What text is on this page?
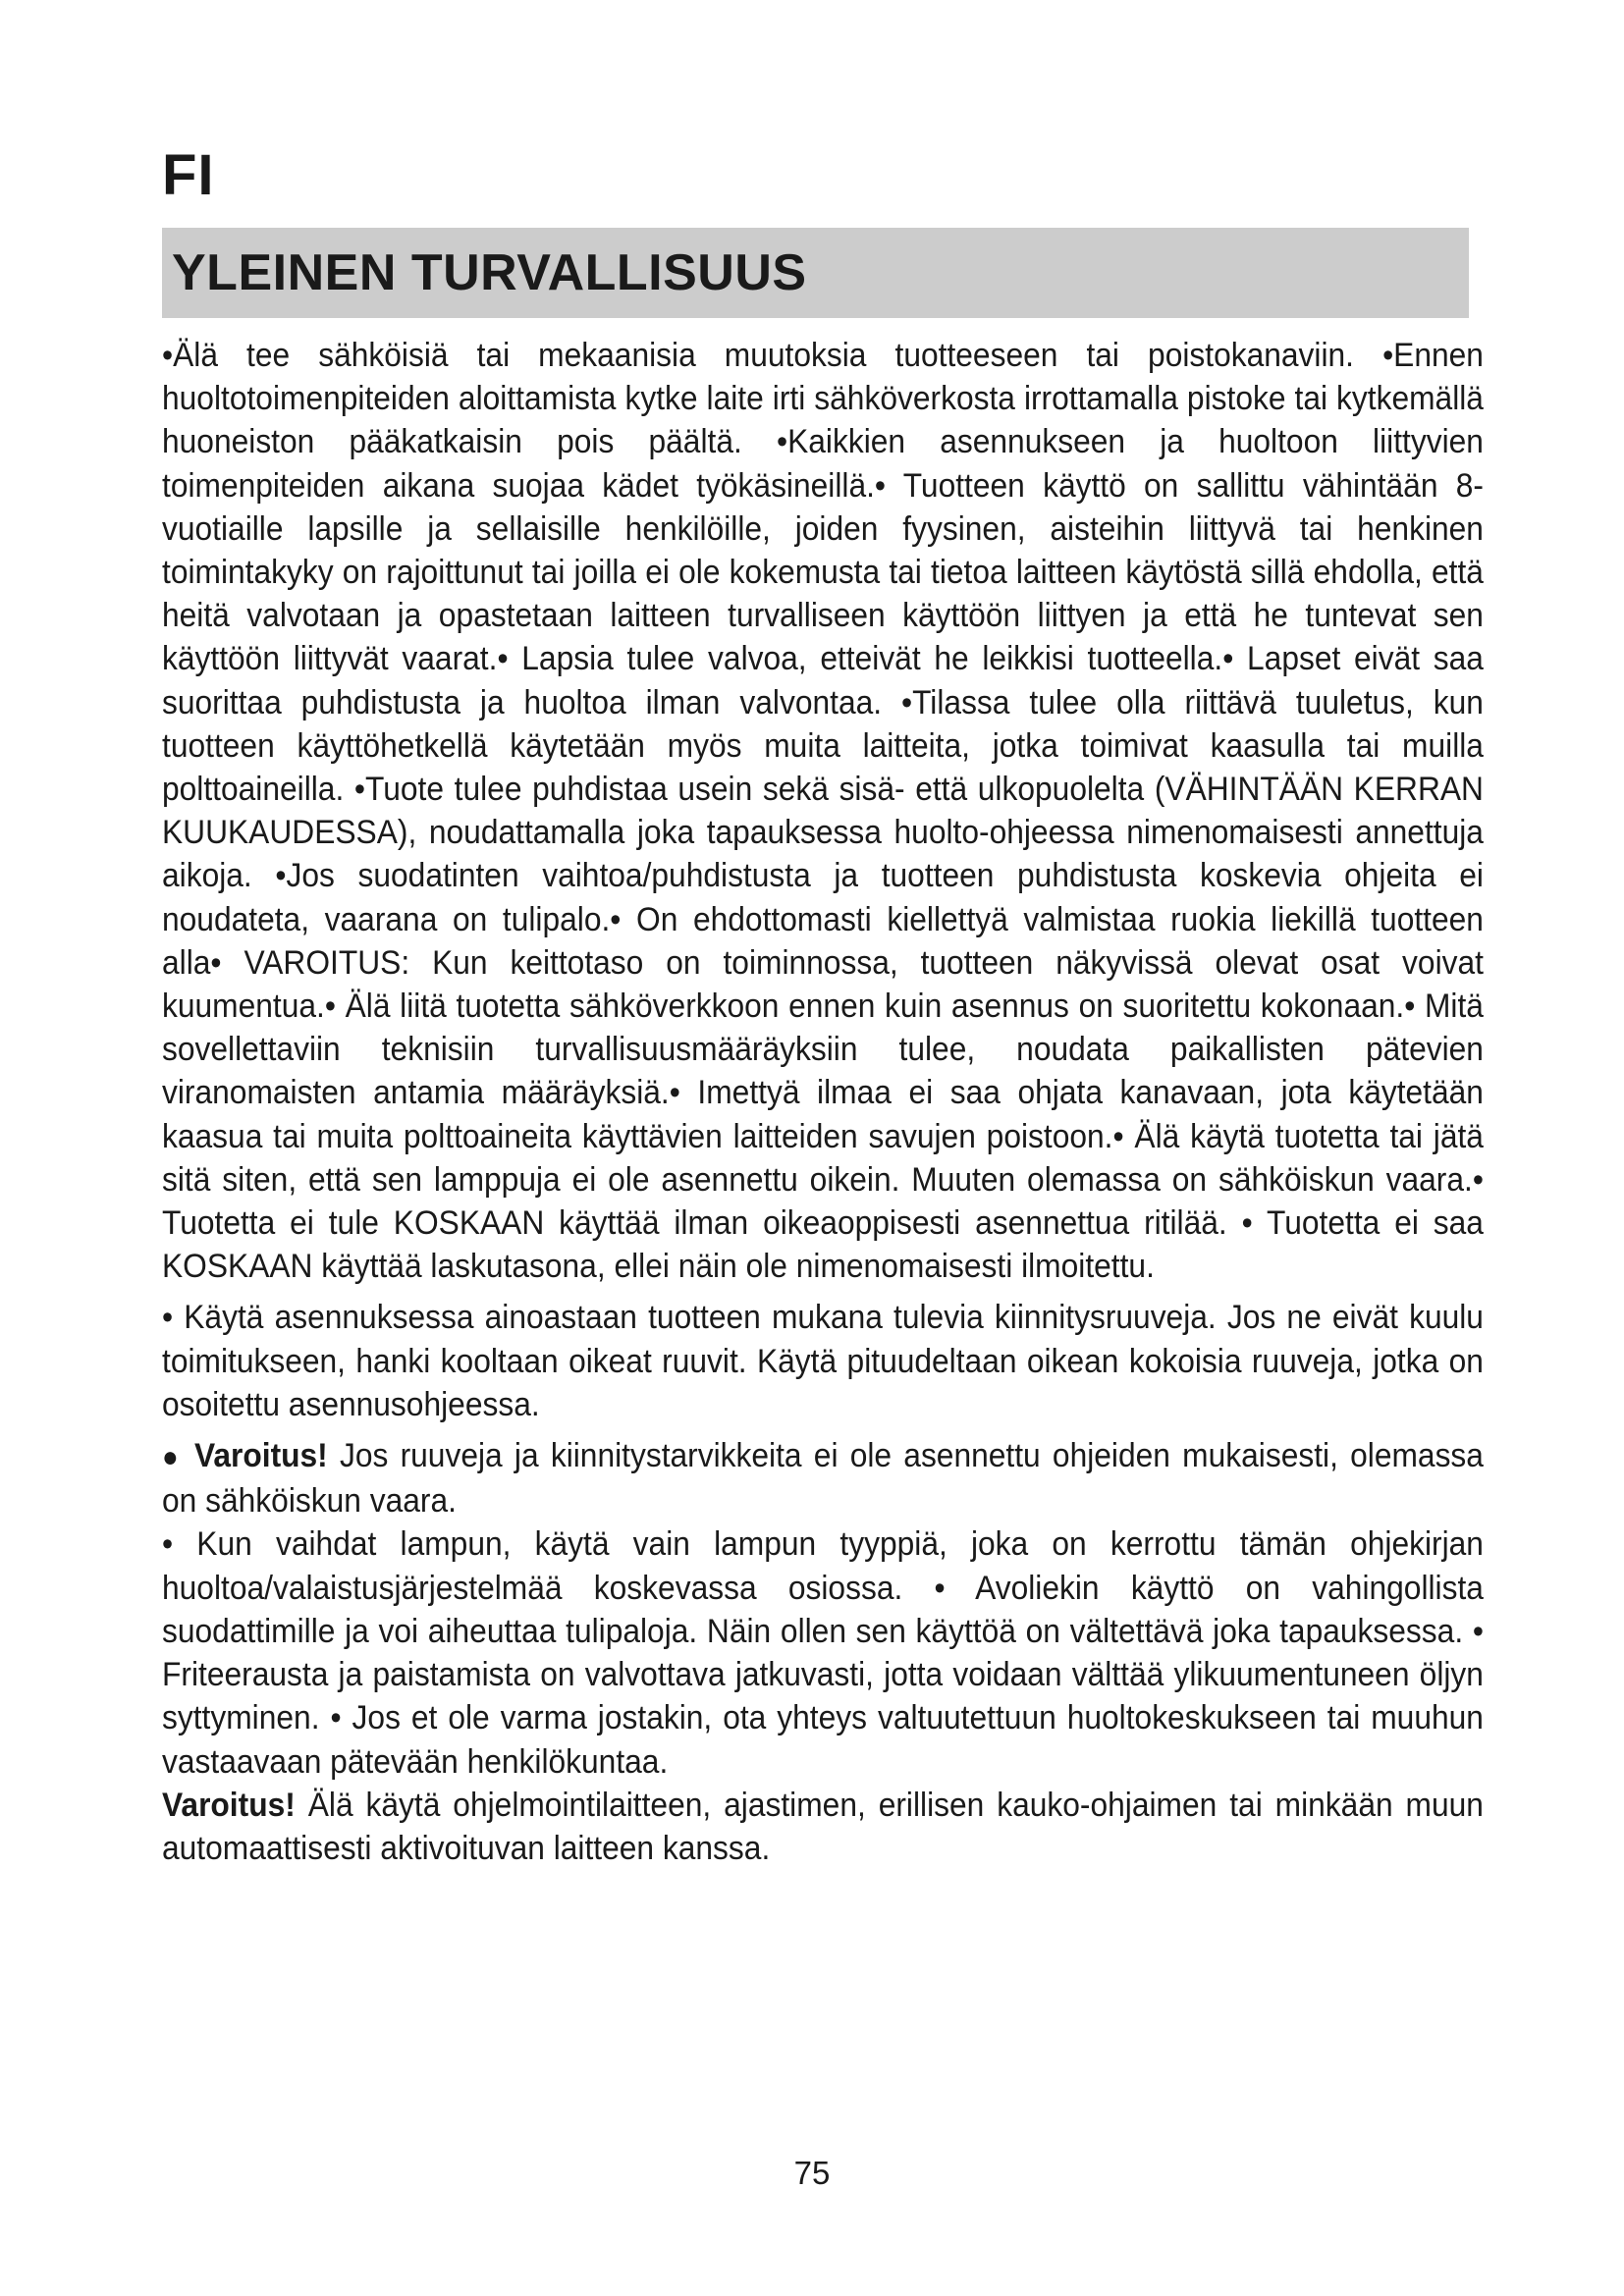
FI
YLEINEN TURVALLISUUS

•Älä tee sähköisiä tai mekaanisia muutoksia tuotteeseen tai poistokanaviin. •Ennen huoltotoimenpiteiden aloittamista kytke laite irti sähköverkosta irrottamalla pistoke tai kytkemällä huoneiston pääkatkaisin pois päältä. •Kaikkien asennukseen ja huoltoon liittyvien toimenpiteiden aikana suojaa kädet työkäsineillä.• Tuotteen käyttö on sallittu vähintään 8-vuotiaille lapsille ja sellaisille henkilöille, joiden fyysinen, aisteihin liittyvä tai henkinen toimintakyky on rajoittunut tai joilla ei ole kokemusta tai tietoa laitteen käytöstä sillä ehdolla, että heitä valvotaan ja opastetaan laitteen turvalliseen käyttöön liittyen ja että he tuntevat sen käyttöön liittyvät vaarat.• Lapsia tulee valvoa, etteivät he leikkisi tuotteella.• Lapset eivät saa suorittaa puhdistusta ja huoltoa ilman valvontaa. •Tilassa tulee olla riittävä tuuletus, kun tuotteen käyttöhetkellä käytetään myös muita laitteita, jotka toimivat kaasulla tai muilla polttoaineilla. •Tuote tulee puhdistaa usein sekä sisä- että ulkopuolelta (VÄHINTÄÄN KERRAN KUUKAUDESSA), noudattamalla joka tapauksessa huolto-ohjeessa nimenomaisesti annettuja aikoja. •Jos suodatinten vaihtoa/puhdistusta ja tuotteen puhdistusta koskevia ohjeita ei noudateta, vaarana on tulipalo.• On ehdottomasti kiellettyä valmistaa ruokia liekillä tuotteen alla• VAROITUS: Kun keittotaso on toiminnossa, tuotteen näkyvissä olevat osat voivat kuumentua.• Älä liitä tuotetta sähköverkkoon ennen kuin asennus on suoritettu kokonaan.• Mitä sovellettaviin teknisiin turvallisuusmääräyksiin tulee, noudata paikallisten pätevien viranomaisten antamia määräyksiä.• Imettyä ilmaa ei saa ohjata kanavaan, jota käytetään kaasua tai muita polttoaineita käyttävien laitteiden savujen poistoon.• Älä käytä tuotetta tai jätä sitä siten, että sen lamppuja ei ole asennettu oikein. Muuten olemassa on sähköiskun vaara.• Tuotetta ei tule KOSKAAN käyttää ilman oikeaoppisesti asennettua ritilää. • Tuotetta ei saa KOSKAAN käyttää laskutasona, ellei näin ole nimenomaisesti ilmoitettu.

• Käytä asennuksessa ainoastaan tuotteen mukana tulevia kiinnitysruuveja. Jos ne eivät kuulu toimitukseen, hanki kooltaan oikeat ruuvit. Käytä pituudeltaan oikean kokoisia ruuveja, jotka on osoitettu asennusohjeessa.

● Varoitus! Jos ruuveja ja kiinnitystarvikkeita ei ole asennettu ohjeiden mukaisesti, olemassa on sähköiskun vaara.

• Kun vaihdat lampun, käytä vain lampun tyyppiä, joka on kerrottu tämän ohjekirjan huoltoa/valaistusjärjestelmää koskevassa osiossa. • Avoliekin käyttö on vahingollista suodattimille ja voi aiheuttaa tulipaloja. Näin ollen sen käyttöä on vältettävä joka tapauksessa. • Friteerausta ja paistamista on valvottava jatkuvasti, jotta voidaan välttää ylikuumentuneen öljyn syttyminen. • Jos et ole varma jostakin, ota yhteys valtuutettuun huoltokeskukseen tai muuhun vastaavaan pätevään henkilökuntaa.

Varoitus! Älä käytä ohjelmointilaitteen, ajastimen, erillisen kauko-ohjaimen tai minkään muun automaattisesti aktivoituvan laitteen kanssa.

75
